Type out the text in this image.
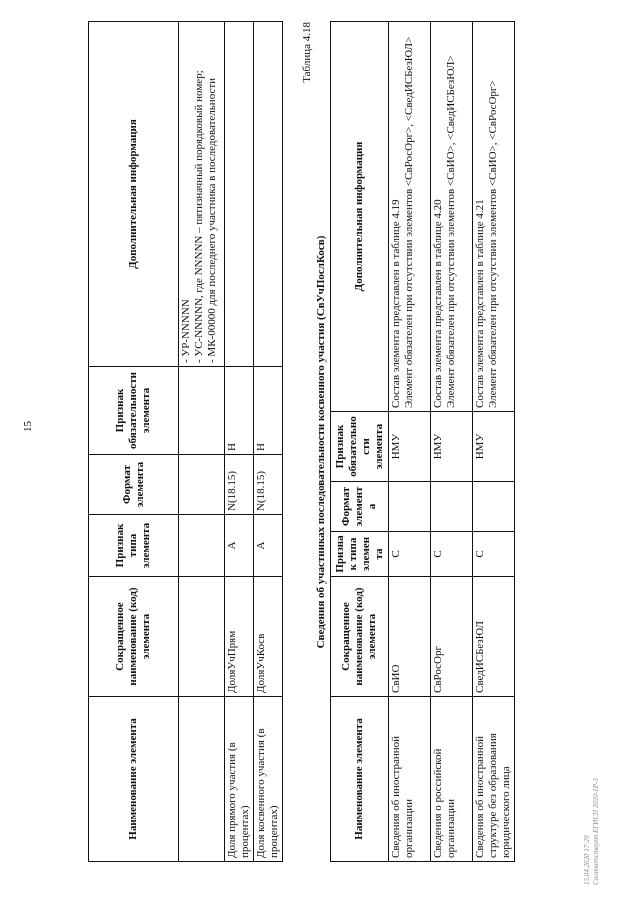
15
15.04.2020 17:29 Соответствует ЕГИСП 2020-1Р-3
Наименование элемента	Сокращенное наименование (код) элемента	Признак типа элемента	Формат элемента	Признак обязательности элемента	Дополнительная информация
					- УР-NNNNN
- УС-NNNNN, где NNNNN – пятизначный порядковый номер;
- МК-00000 для последнего участника в последовательности
Доля прямого участия (в процентах)	ДоляУчПрям	А	N(18.15)	Н	
Доля косвенного участия (в процентах)	ДоляУчКосв	А	N(18.15)	Н	
Таблица 4.18
Сведения об участниках последовательности косвенного участия (СвУчПослКосв)
Наименование элемента	Сокращенное наименование (код) элемента	Признак типа элемента	Формат элемента	Признак обязательности элемента	Дополнительная информация
Сведения об иностранной организации	СвИО	С		НМУ	Состав элемента представлен в таблице 4.19
Элемент обязателен при отсутствии элементов <СвРосОрг>, <СведИСБезЮЛ>
Сведения о российской организации	СвРосОрг	С		НМУ	Состав элемента представлен в таблице 4.20
Элемент обязателен при отсутствии элементов <СвИО>, <СведИСБезЮЛ>
Сведения об иностранной структуре без образования юридического лица	СведИСБезЮЛ	С		НМУ	Состав элемента представлен в таблице 4.21
Элемент обязателен при отсутствии элементов <СвИО>, <СвРосОрг>
